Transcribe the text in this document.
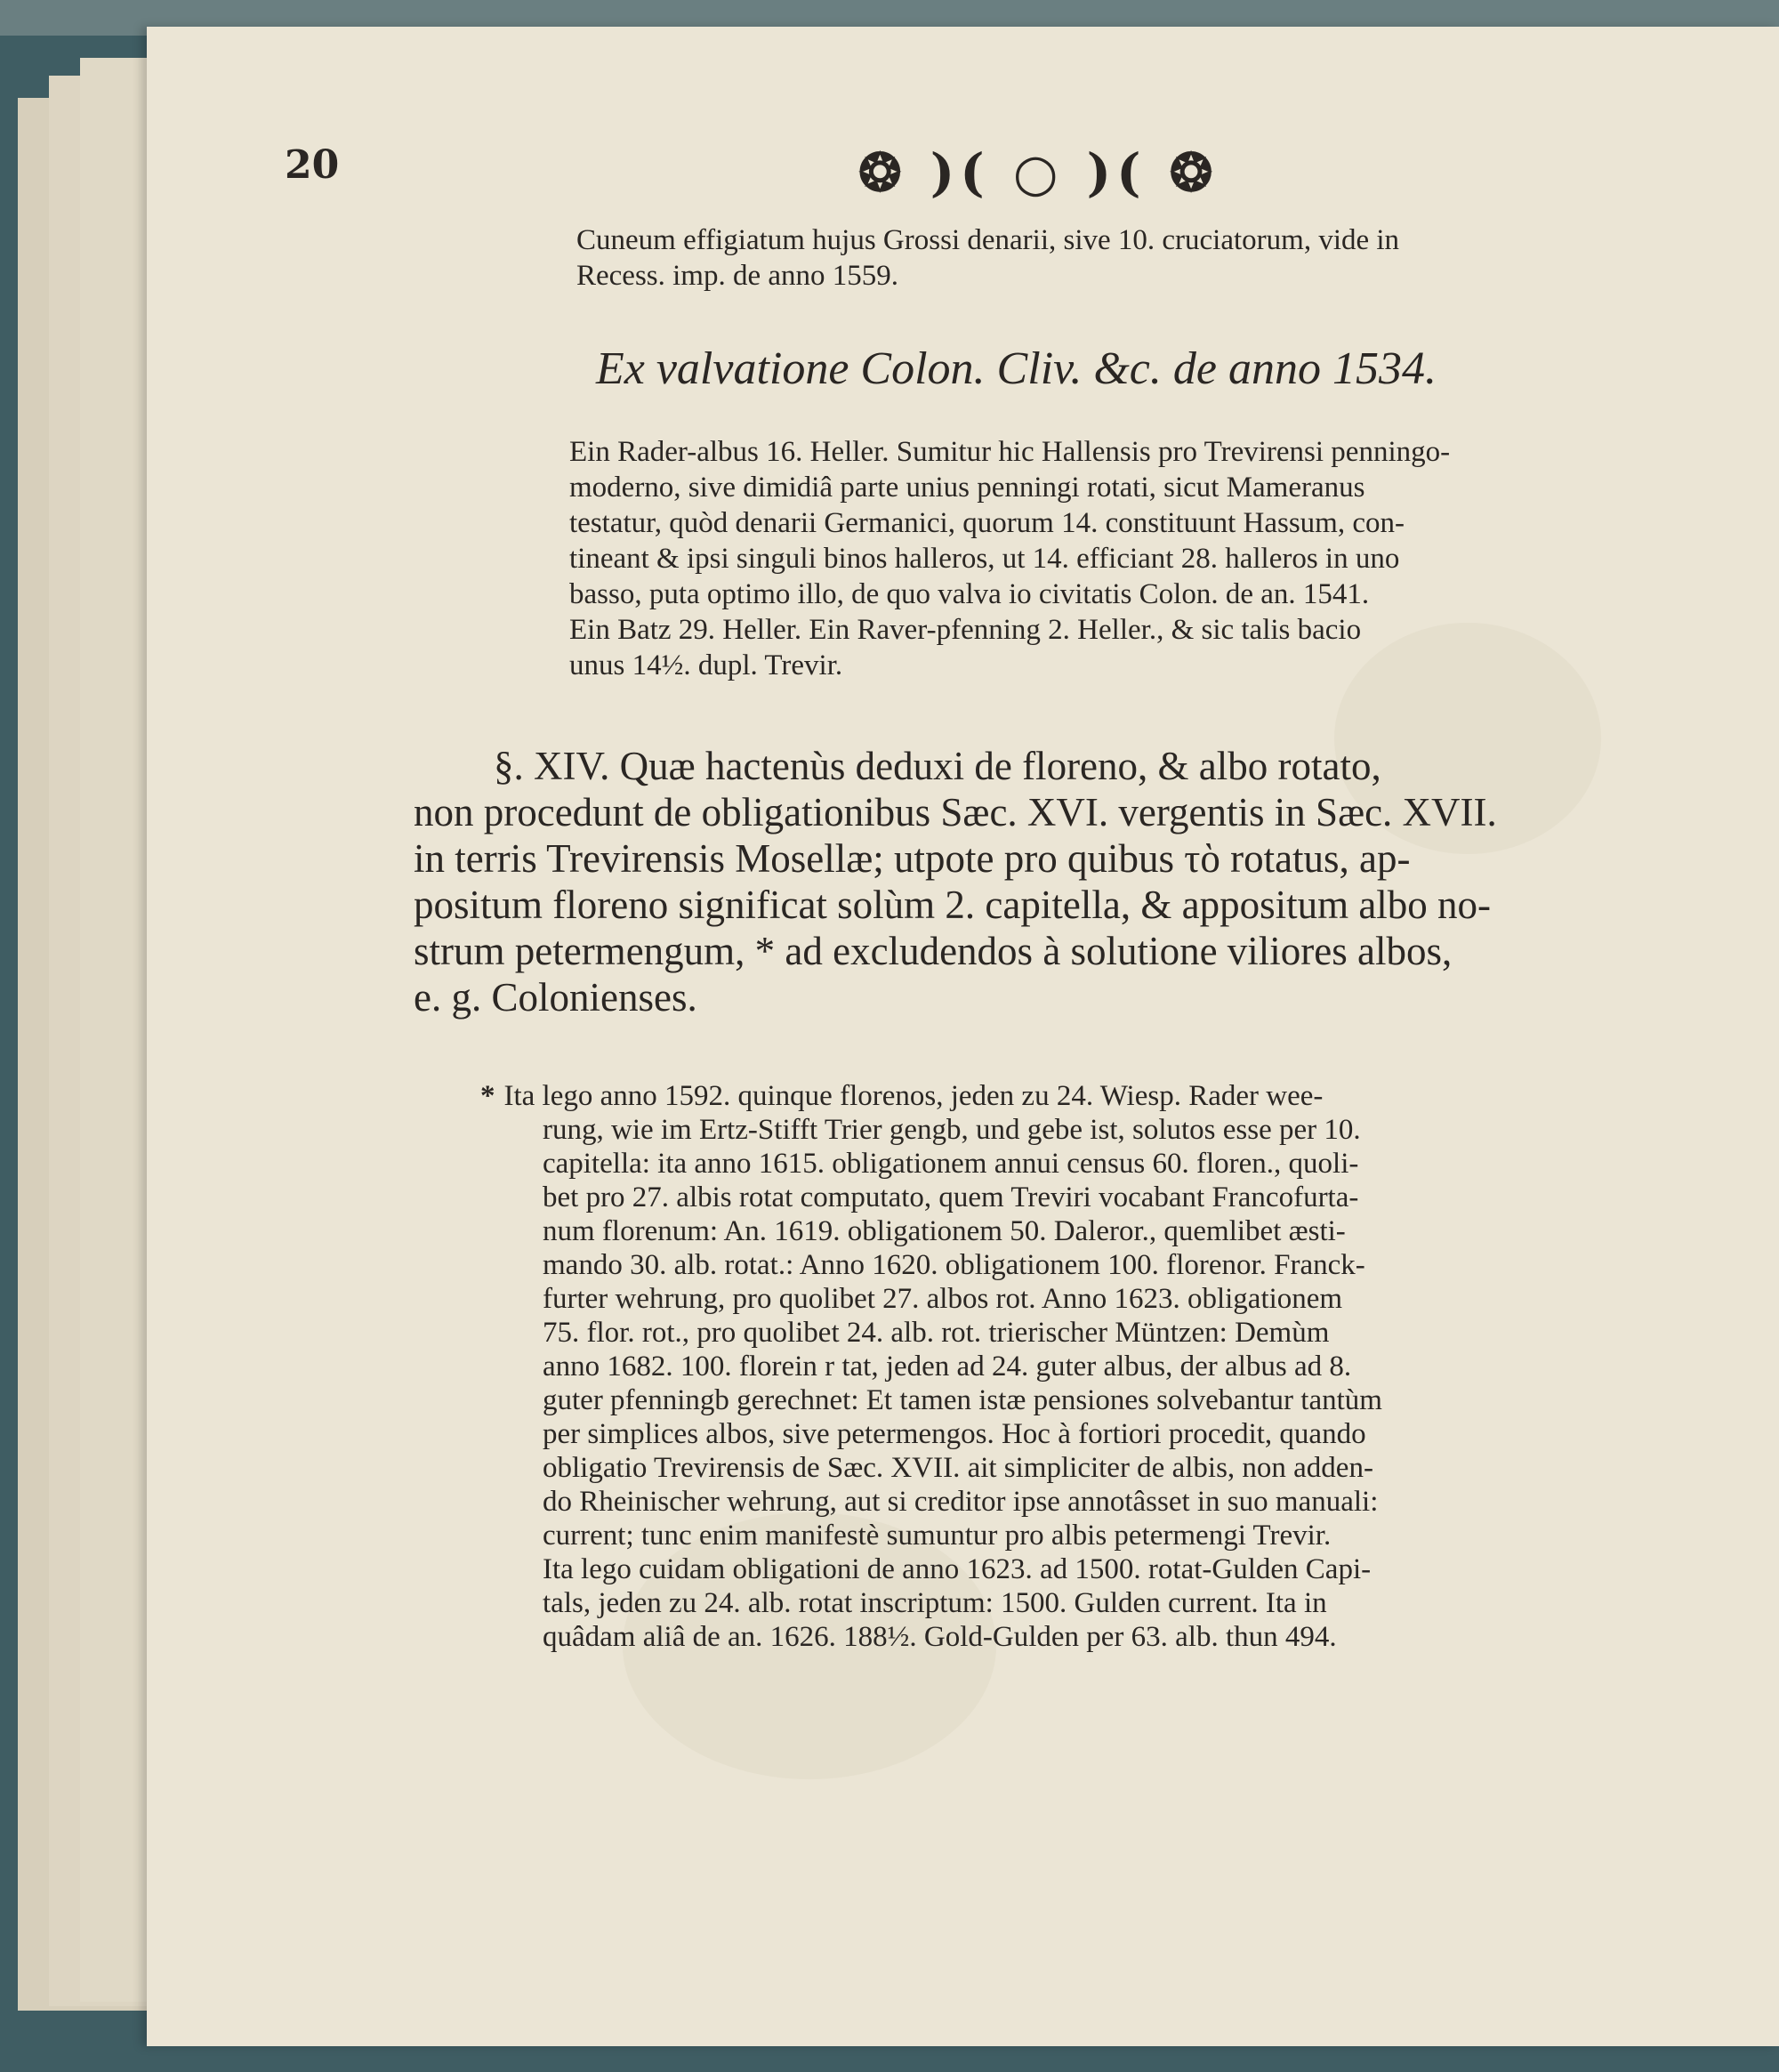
20	❂ )( ○ )( ❂
Cuneum effigiatum hujus Grossi denarii, sive 10. cruciatorum, vide in
Recess. imp. de anno 1559.
Ex valvatione Colon. Cliv. &c. de anno 1534.
Ein Rader-albus 16. Heller. Sumitur hic Hallensis pro Trevirensi penningo-
moderno, sive dimidiâ parte unius penningi rotati, sicut Mameranus
testatur, quòd denarii Germanici, quorum 14. constituunt Hassum, con-
tineant & ipsi singuli binos halleros, ut 14. efficiant 28. halleros in uno
basso, puta optimo illo, de quo valva io civitatis Colon. de an. 1541.
Ein Batz 29. Heller. Ein Raver-pfenning 2. Heller., & sic talis bacio
unus 14½. dupl. Trevir.
§. XIV. Quæ hactenùs deduxi de floreno, & albo rotato,
non procedunt de obligationibus Sæc. XVI. vergentis in Sæc. XVII.
in terris Trevirensis Mosellæ; utpote pro quibus τὸ rotatus, ap-
positum floreno significat solùm 2. capitella, & appositum albo no-
strum petermengum, * ad excludendos à solutione viliores albos,
e. g. Colonienses.
* Ita lego anno 1592. quinque florenos, jeden zu 24. Wiesp. Rader wee-
rung, wie im Ertz-Stifft Trier gengb, und gebe ist, solutos esse per 10.
capitella: ita anno 1615. obligationem annui census 60. floren., quoli-
bet pro 27. albis rotat computato, quem Treviri vocabant Francofurta-
num florenum: An. 1619. obligationem 50. Daleror., quemlibet æsti-
mando 30. alb. rotat.: Anno 1620. obligationem 100. florenor. Franck-
furter wehrung, pro quolibet 27. albos rot. Anno 1623. obligationem
75. flor. rot., pro quolibet 24. alb. rot. trierischer Müntzen: Demùm
anno 1682. 100. florein r tat, jeden ad 24. guter albus, der albus ad 8.
guter pfenningb gerechnet: Et tamen istæ pensiones solvebantur tantùm
per simplices albos, sive petermengos. Hoc à fortiori procedit, quando
obligatio Trevirensis de Sæc. XVII. ait simpliciter de albis, non adden-
do Rheinischer wehrung, aut si creditor ipse annotâsset in suo manuali:
current; tunc enim manifestè sumuntur pro albis petermengi Trevir.
Ita lego cuidam obligationi de anno 1623. ad 1500. rotat-Gulden Capi-
tals, jeden zu 24. alb. rotat inscriptum: 1500. Gulden current. Ita in
quâdam aliâ de an. 1626. 188½. Gold-Gulden per 63. alb. thun 494.
